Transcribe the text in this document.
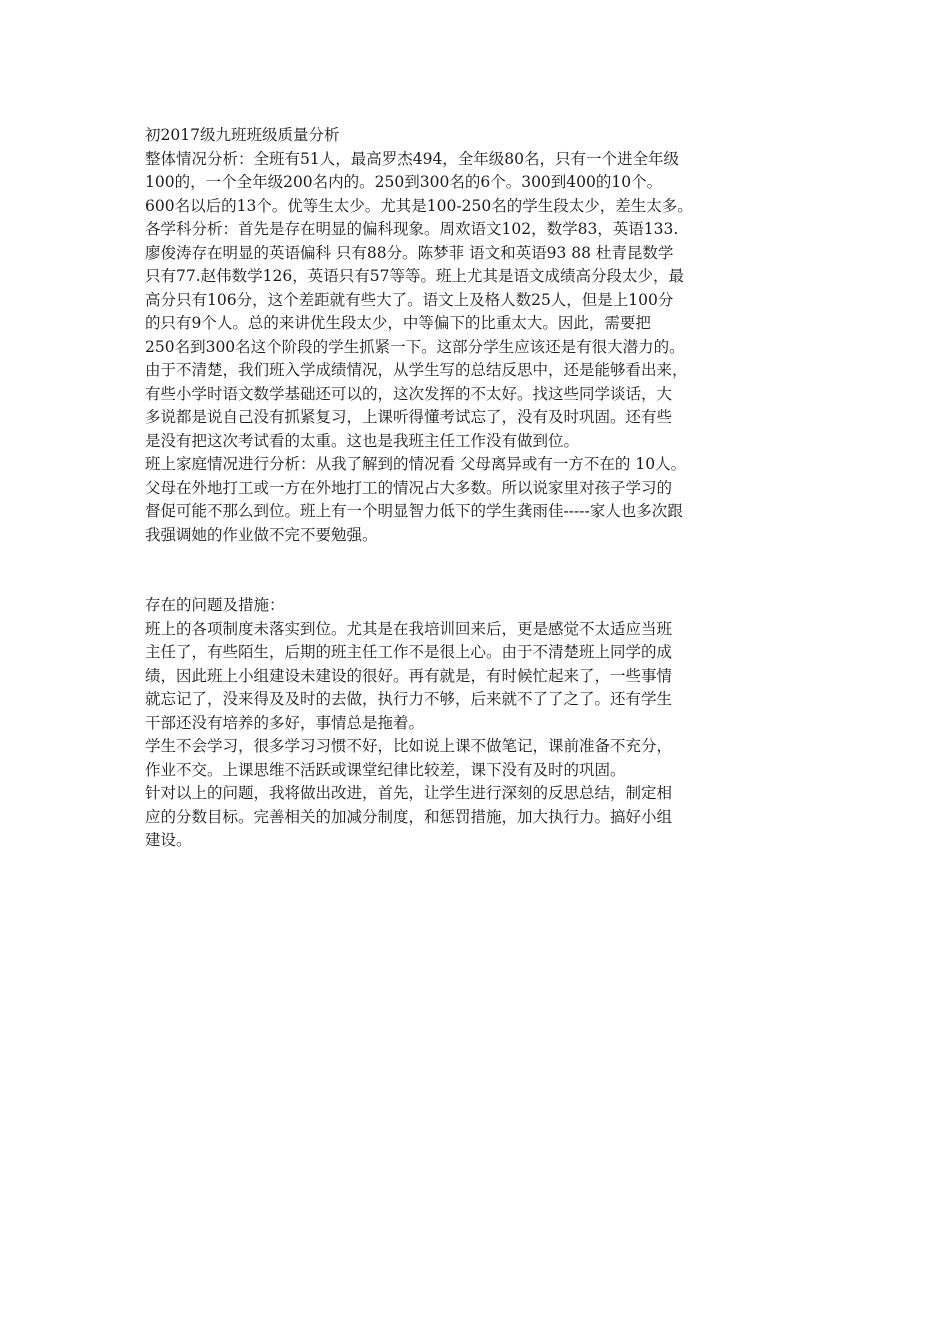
初2017级九班班级质量分析
整体情况分析：全班有51人，最高罗杰494，全年级80名，只有一个进全年级
100的，一个全年级200名内的。250到300名的6个。300到400的10个。
600名以后的13个。优等生太少。尤其是100-250名的学生段太少，差生太多。
各学科分析：首先是存在明显的偏科现象。周欢语文102，数学83，英语133.
廖俊涛存在明显的英语偏科 只有88分。陈梦菲 语文和英语93 88 杜青昆数学
只有77.赵伟数学126，英语只有57等等。班上尤其是语文成绩高分段太少，最
高分只有106分，这个差距就有些大了。语文上及格人数25人，但是上100分
的只有9个人。总的来讲优生段太少，中等偏下的比重太大。因此，需要把
250名到300名这个阶段的学生抓紧一下。这部分学生应该还是有很大潜力的。
由于不清楚，我们班入学成绩情况，从学生写的总结反思中，还是能够看出来，
有些小学时语文数学基础还可以的，这次发挥的不太好。找这些同学谈话，大
多说都是说自己没有抓紧复习，上课听得懂考试忘了，没有及时巩固。还有些
是没有把这次考试看的太重。这也是我班主任工作没有做到位。
班上家庭情况进行分析：从我了解到的情况看 父母离异或有一方不在的 10人。
父母在外地打工或一方在外地打工的情况占大多数。所以说家里对孩子学习的
督促可能不那么到位。班上有一个明显智力低下的学生龚雨佳-----家人也多次跟
我强调她的作业做不完不要勉强。
存在的问题及措施：
班上的各项制度未落实到位。尤其是在我培训回来后，更是感觉不太适应当班
主任了，有些陌生，后期的班主任工作不是很上心。由于不清楚班上同学的成
绩，因此班上小组建设未建设的很好。再有就是，有时候忙起来了，一些事情
就忘记了，没来得及及时的去做，执行力不够，后来就不了了之了。还有学生
干部还没有培养的多好，事情总是拖着。
学生不会学习，很多学习习惯不好，比如说上课不做笔记，课前准备不充分，
作业不交。上课思维不活跃或课堂纪律比较差，课下没有及时的巩固。
针对以上的问题，我将做出改进，首先，让学生进行深刻的反思总结，制定相
应的分数目标。完善相关的加减分制度，和惩罚措施，加大执行力。搞好小组
建设。
